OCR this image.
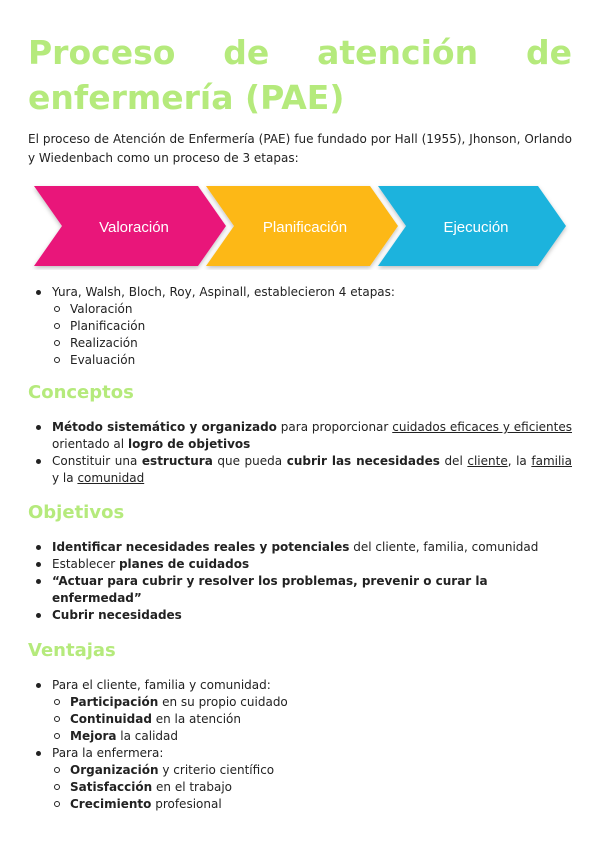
Proceso de atención de
enfermería (PAE)

El proceso de Atención de Enfermería (PAE) fue fundado por Hall (1955), Jhonson, Orlando y Wiedenbach como un proceso de 3 etapas:

Valoración	Planificación	Ejecución
Yura, Walsh, Bloch, Roy, Aspinall, establecieron 4 etapas:
Valoración
Planificación
Realización
Evaluación
Conceptos
Método sistemático y organizado para proporcionar cuidados eficaces y eficientes orientado al logro de objetivos
Constituir una estructura que pueda cubrir las necesidades del cliente, la familia y la comunidad
Objetivos
Identificar necesidades reales y potenciales del cliente, familia, comunidad
Establecer planes de cuidados
“Actuar para cubrir y resolver los problemas, prevenir o curar la enfermedad”
Cubrir necesidades
Ventajas
Para el cliente, familia y comunidad:
Participación en su propio cuidado
Continuidad en la atención
Mejora la calidad
Para la enfermera:
Organización y criterio científico
Satisfacción en el trabajo
Crecimiento profesional
